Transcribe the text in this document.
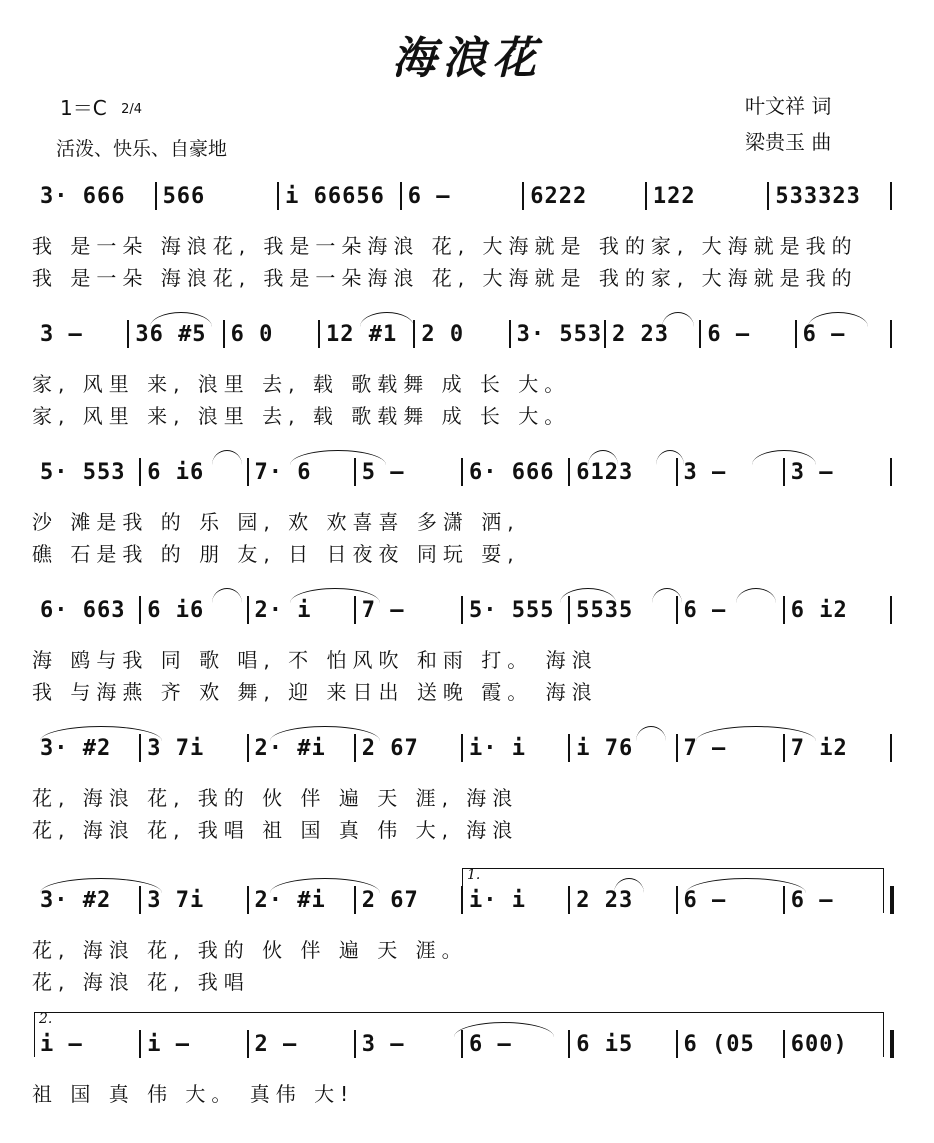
海浪花
1＝C 2/4
活泼、快乐、自豪地
叶文祥 词
梁贵玉 曲
3· 666 566	i 66656 6 —	6222	122	533323
我 是一朵 海浪花, 我是一朵海浪 花, 大海就是 我的家, 大海就是我的
我 是一朵 海浪花, 我是一朵海浪 花, 大海就是 我的家, 大海就是我的
3 — 36 #5 6 0 12 #1 2 0 3· 553 2 23 6 — 6 —
家, 风里 来, 浪里 去, 载 歌载舞 成 长 大。
家, 风里 来, 浪里 去, 载 歌载舞 成 长 大。
5· 553 6 i6 7· 6 5 —	6· 666 6123 3 —	3 —
沙 滩是我 的 乐 园, 欢 欢喜喜 多潇 洒,
礁 石是我 的 朋 友, 日 日夜夜 同玩 耍,
6· 663 6 i6 2· i 7 —	5· 555 5535 6 —	6 i2
海 鸥与我 同 歌 唱, 不 怕风吹 和雨 打。 海浪
我 与海燕 齐 欢 舞, 迎 来日出 送晚 霞。 海浪
3· #2 3 7i 2· #i 2 67 i· i i 76 7 —	7 i2
花, 海浪 花, 我的 伙 伴 遍 天 涯, 海浪
花, 海浪 花, 我唱 祖 国 真 伟 大, 海浪
3· #2 3 7i 2· #i 2 67 i· i 2 23 6 —	6 —
1.
花, 海浪 花, 我的 伙 伴 遍 天 涯。
花, 海浪 花, 我唱
i —	i —	2 —	3 —	6 —	6 i5 6 (05 600)
2.
祖 国 真 伟 大。 真伟 大!
